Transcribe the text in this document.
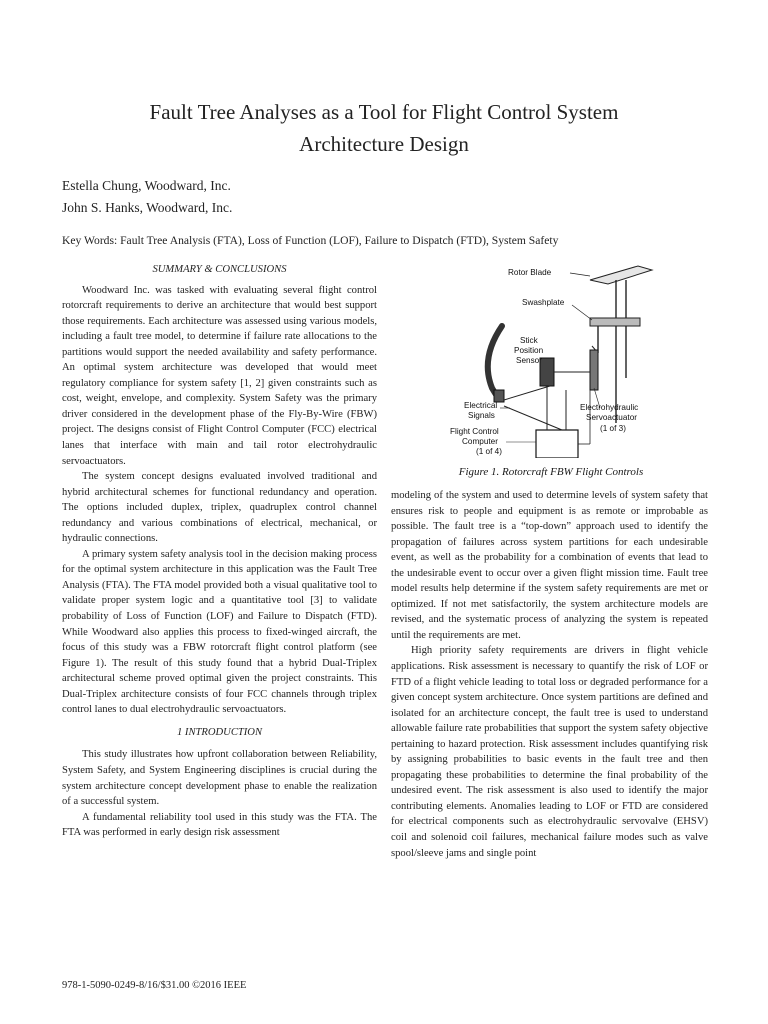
Fault Tree Analyses as a Tool for Flight Control System
Architecture Design
Estella Chung, Woodward, Inc.
John S. Hanks, Woodward, Inc.
Key Words: Fault Tree Analysis (FTA), Loss of Function (LOF), Failure to Dispatch (FTD), System Safety
SUMMARY & CONCLUSIONS

Woodward Inc. was tasked with evaluating several flight control rotorcraft requirements to derive an architecture that would best support those requirements. Each architecture was assessed using various models, including a fault tree model, to determine if failure rate allocations to the partitions would support the needed availability and safety performance. An optimal system architecture was developed that would meet regulatory compliance for system safety [1, 2] given constraints such as cost, weight, envelope, and complexity. System Safety was the primary driver considered in the development phase of the Fly-By-Wire (FBW) project. The designs consist of Flight Control Computer (FCC) electrical lanes that interface with main and tail rotor electrohydraulic servoactuators.

The system concept designs evaluated involved traditional and hybrid architectural schemes for functional redundancy and operation. The options included duplex, triplex, quadruplex control channel redundancy and various combinations of electrical, mechanical, or hydraulic connections.

A primary system safety analysis tool in the decision making process for the optimal system architecture in this application was the Fault Tree Analysis (FTA). The FTA model provided both a visual qualitative tool to validate proper system logic and a quantitative tool [3] to validate probability of Loss of Function (LOF) and Failure to Dispatch (FTD). While Woodward also applies this process to fixed-winged aircraft, the focus of this study was a FBW rotorcraft flight control platform (see Figure 1). The result of this study found that a hybrid Dual-Triplex architectural scheme proved optimal given the project constraints. This Dual-Triplex architecture consists of four FCC channels through triplex control lanes to dual electrohydraulic servoactuators.

1 INTRODUCTION

This study illustrates how upfront collaboration between Reliability, System Safety, and System Engineering disciplines is crucial during the system architecture concept development phase to enable the realization of a successful system.

A fundamental reliability tool used in this study was the FTA. The FTA was performed in early design risk assessment

Rotor Blade
Swashplate
Stick
Position
Sensor
Electrical
Signals
Electrohydraulic
Servoactuator
(1 of 3)
Flight Control
Computer
(1 of 4)
Figure 1. Rotorcraft FBW Flight Controls

modeling of the system and used to determine levels of system safety that ensures risk to people and equipment is as remote or improbable as possible. The fault tree is a “top-down” approach used to identify the propagation of failures across system partitions for each undesirable event, as well as the probability for a combination of events that lead to the undesirable event to occur over a given flight mission time. Fault tree model results help determine if the system safety requirements are met or optimized. If not met satisfactorily, the system architecture models are revised, and the systematic process of analyzing the system is repeated until the requirements are met.

High priority safety requirements are drivers in flight vehicle applications. Risk assessment is necessary to quantify the risk of LOF or FTD of a flight vehicle leading to total loss or degraded performance for a given concept system architecture. Once system partitions are defined and isolated for an architecture concept, the fault tree is used to understand allowable failure rate probabilities that support the system safety objective pertaining to hazard protection. Risk assessment includes quantifying risk by assigning probabilities to basic events in the fault tree and then propagating these probabilities to determine the final probability of the undesired event. The risk assessment is also used to identify the major contributing elements. Anomalies leading to LOF or FTD are considered for electrical components such as electrohydraulic servovalve (EHSV) coil and solenoid coil failures, mechanical failure modes such as valve spool/sleeve jams and single point

978-1-5090-0249-8/16/$31.00 ©2016 IEEE
